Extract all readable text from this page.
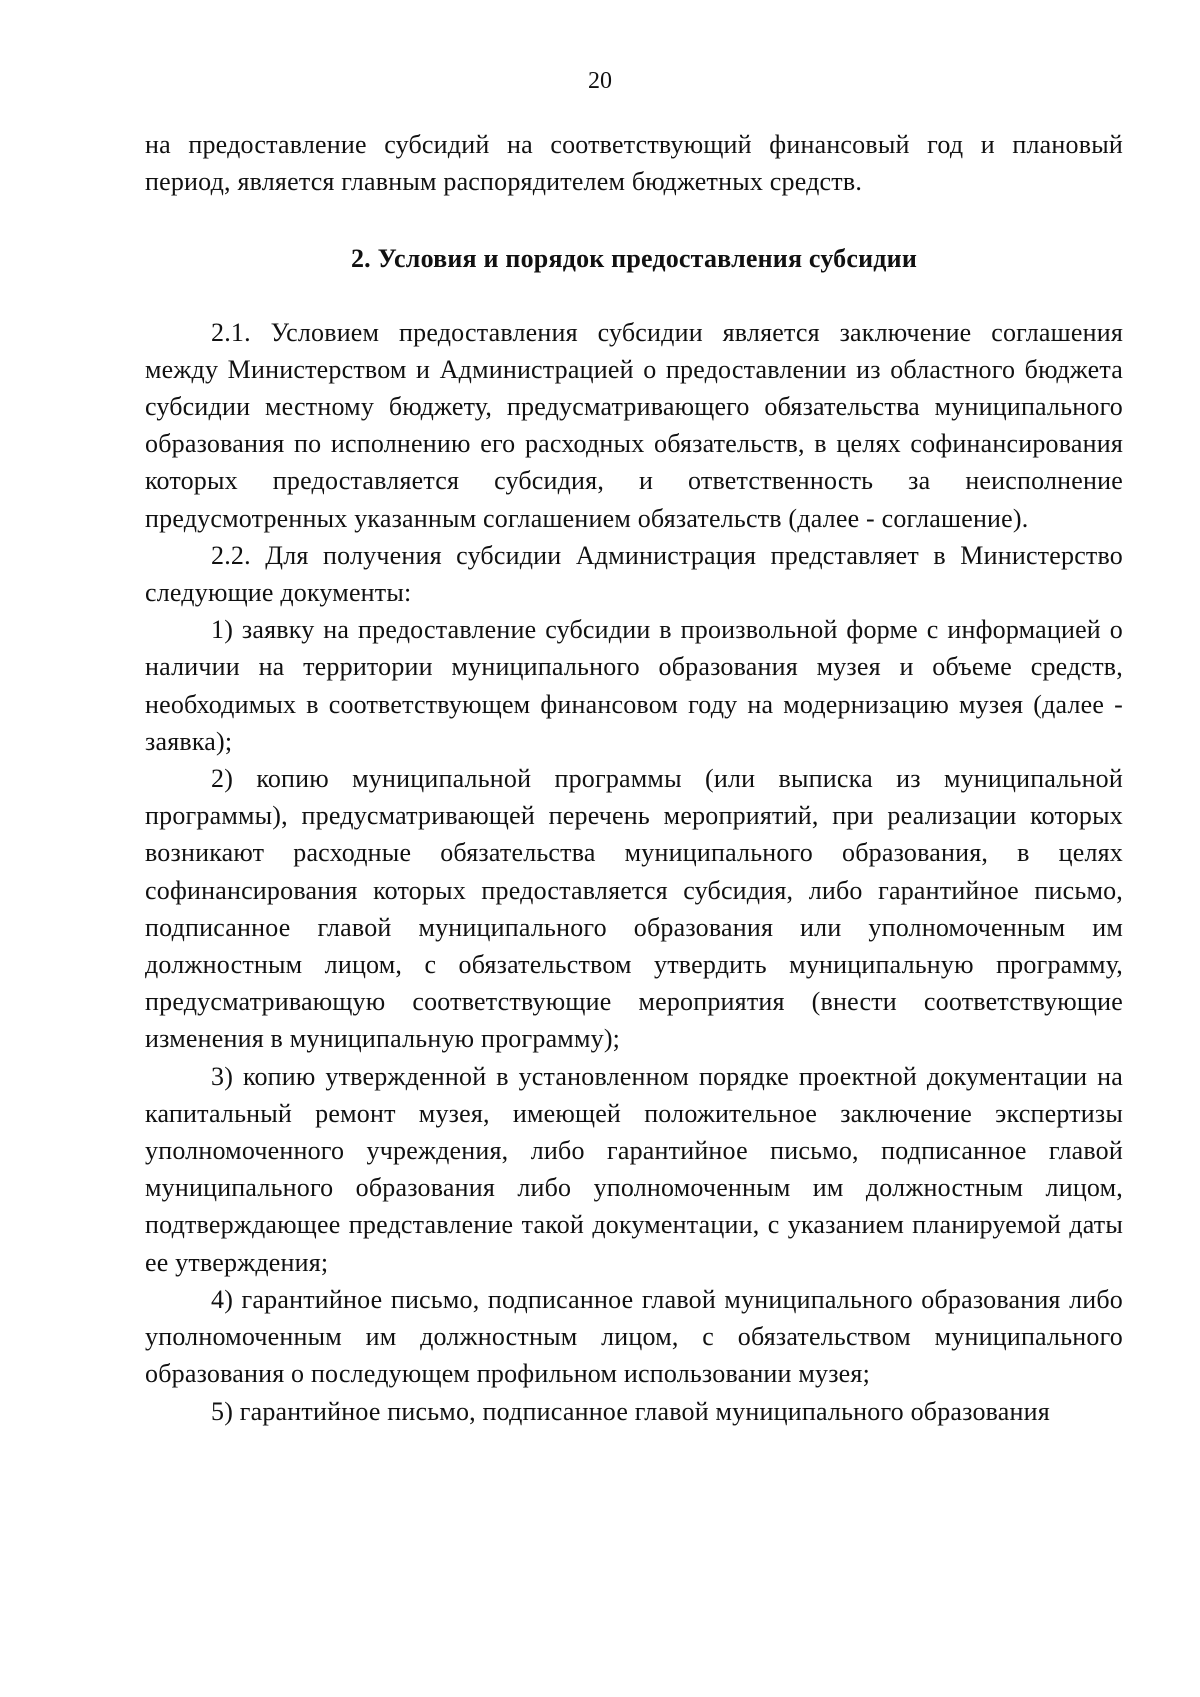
20

на предоставление субсидий на соответствующий финансовый год и плановый период, является главным распорядителем бюджетных средств.

2. Условия и порядок предоставления субсидии

2.1. Условием предоставления субсидии является заключение соглашения между Министерством и Администрацией о предоставлении из областного бюджета субсидии местному бюджету, предусматривающего обязательства муниципального образования по исполнению его расходных обязательств, в целях софинансирования которых предоставляется субсидия, и ответственность за неисполнение предусмотренных указанным соглашением обязательств (далее - соглашение).

2.2. Для получения субсидии Администрация представляет в Министерство следующие документы:

1) заявку на предоставление субсидии в произвольной форме с информацией о наличии на территории муниципального образования музея и объеме средств, необходимых в соответствующем финансовом году на модернизацию музея (далее - заявка);

2) копию муниципальной программы (или выписка из муниципальной программы), предусматривающей перечень мероприятий, при реализации которых возникают расходные обязательства муниципального образования, в целях софинансирования которых предоставляется субсидия, либо гарантийное письмо, подписанное главой муниципального образования или уполномоченным им должностным лицом, с обязательством утвердить муниципальную программу, предусматривающую соответствующие мероприятия (внести соответствующие изменения в муниципальную программу);

3) копию утвержденной в установленном порядке проектной документации на капитальный ремонт музея, имеющей положительное заключение экспертизы уполномоченного учреждения, либо гарантийное письмо, подписанное главой муниципального образования либо уполномоченным им должностным лицом, подтверждающее представление такой документации, с указанием планируемой даты ее утверждения;

4) гарантийное письмо, подписанное главой муниципального образования либо уполномоченным им должностным лицом, с обязательством муниципального образования о последующем профильном использовании музея;

5) гарантийное письмо, подписанное главой муниципального образования
